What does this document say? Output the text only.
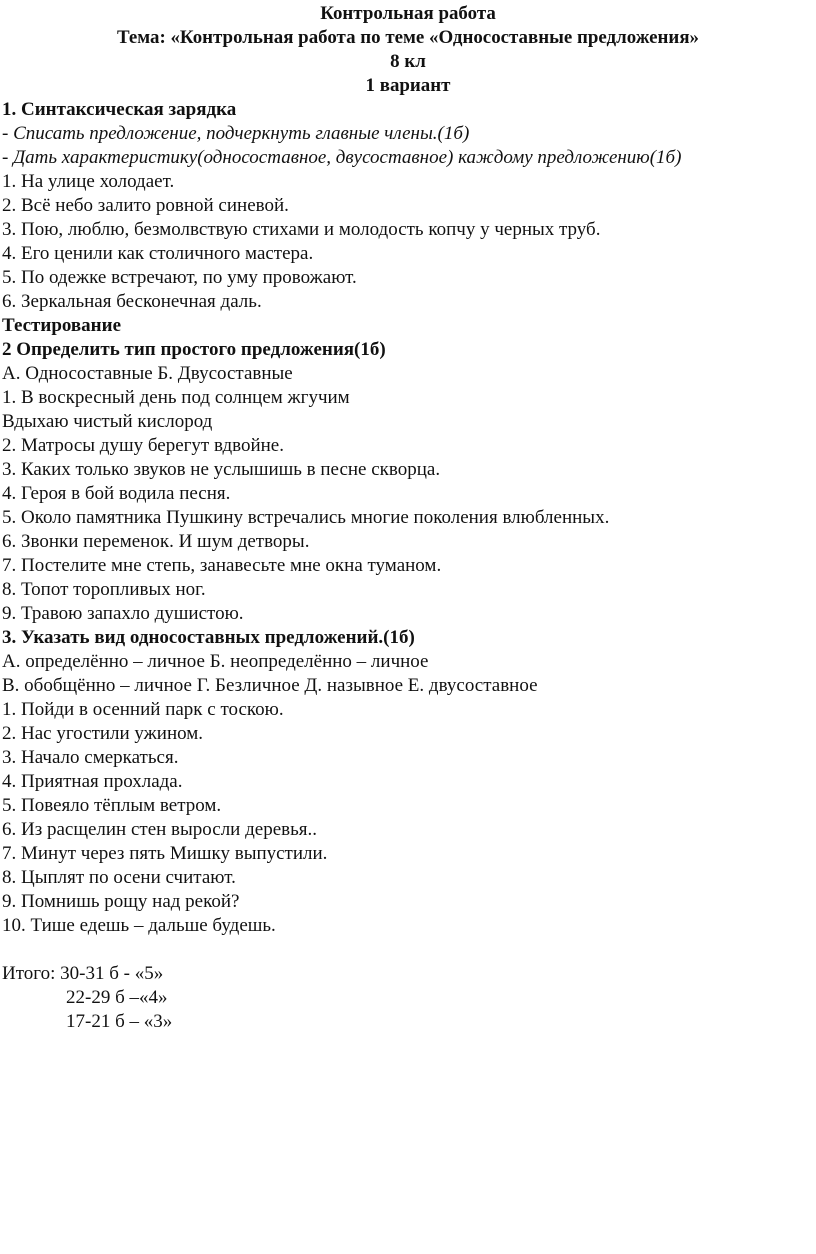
Контрольная работа
Тема: «Контрольная работа по теме «Односоставные предложения»
8 кл
1 вариант
1. Синтаксическая зарядка
- Списать предложение, подчеркнуть главные члены.(1б)
- Дать характеристику(односоставное, двусоставное) каждому предложению(1б)
1. На улице холодает.
2. Всё небо залито ровной синевой.
3. Пою, люблю, безмолвствую стихами и молодость копчу у черных труб.
4. Его ценили как столичного мастера.
5. По одежке встречают, по уму провожают.
6. Зеркальная бесконечная даль.
Тестирование
2 Определить тип простого предложения(1б)
А. Односоставные Б. Двусоставные
1. В воскресный день под солнцем жгучим
Вдыхаю чистый кислород
2. Матросы душу берегут вдвойне.
3. Каких только звуков не услышишь в песне скворца.
4. Героя в бой водила песня.
5. Около памятника Пушкину встречались многие поколения влюбленных.
6. Звонки переменок. И шум детворы.
7. Постелите мне степь, занавесьте мне окна туманом.
8. Топот торопливых ног.
9. Травою запахло душистою.
3. Указать вид односоставных предложений.(1б)
А. определённо – личное Б. неопределённо – личное
В. обобщённо – личное Г. Безличное Д. назывное Е. двусоставное
1. Пойди в осенний парк с тоскою.
2. Нас угостили ужином.
3. Начало смеркаться.
4. Приятная прохлада.
5. Повеяло тёплым ветром.
6. Из расщелин стен выросли деревья..
7. Минут через пять Мишку выпустили.
8. Цыплят по осени считают.
9. Помнишь рощу над рекой?
10. Тише едешь – дальше будешь.
Итого: 30-31 б - «5»
22-29 б –«4»
17-21 б – «3»
